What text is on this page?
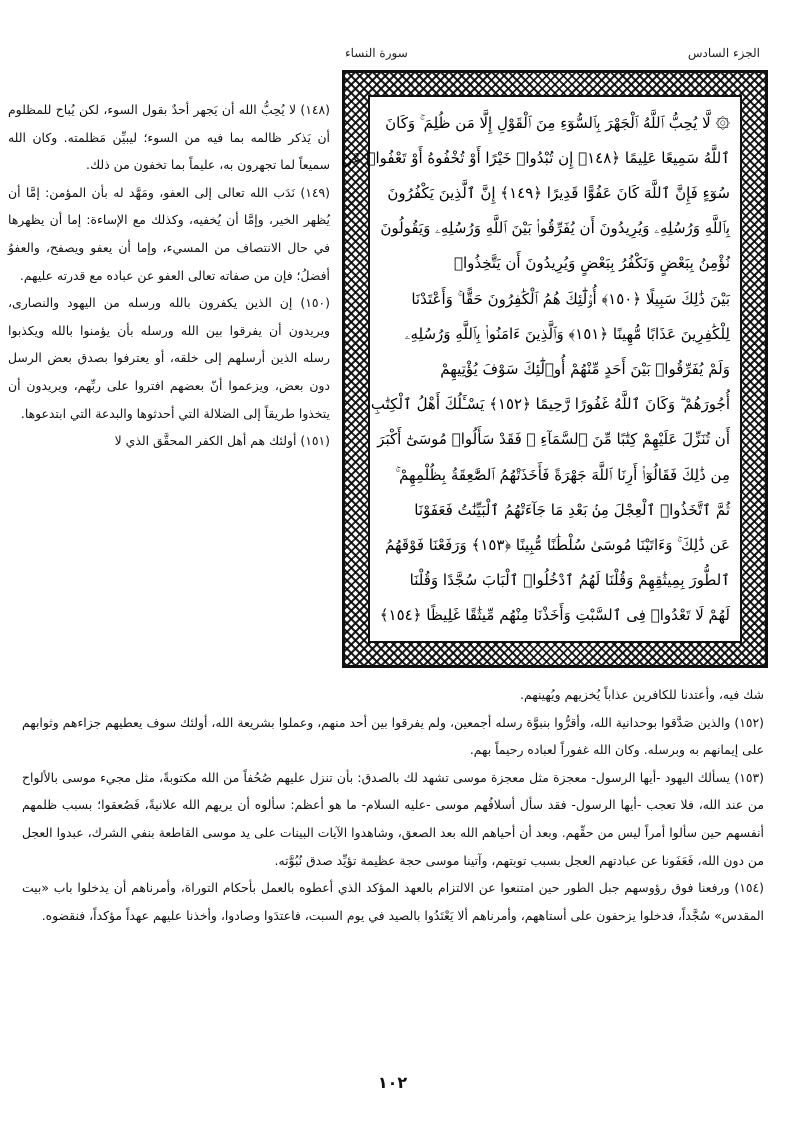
الجزء السادس
سورة النساء
۞ لَّا يُحِبُّ ٱللَّهُ ٱلْجَهْرَ بِٱلسُّوٓءِ مِنَ ٱلْقَوْلِ إِلَّا مَن ظُلِمَ ۚ وَكَانَ
ٱللَّهُ سَمِيعًا عَلِيمًا ﴿١٤٨﴾ إِن تُبْدُوا۟ خَيْرًا أَوْ تُخْفُوهُ أَوْ تَعْفُوا۟ عَن
سُوٓءٍ فَإِنَّ ٱللَّهَ كَانَ عَفُوًّا قَدِيرًا ﴿١٤٩﴾ إِنَّ ٱلَّذِينَ يَكْفُرُونَ
بِٱللَّهِ وَرُسُلِهِۦ وَيُرِيدُونَ أَن يُفَرِّقُوا۟ بَيْنَ ٱللَّهِ وَرُسُلِهِۦ وَيَقُولُونَ
نُؤْمِنُ بِبَعْضٍ وَنَكْفُرُ بِبَعْضٍ وَيُرِيدُونَ أَن يَتَّخِذُوا۟
بَيْنَ ذَٰلِكَ سَبِيلًا ﴿١٥٠﴾ أُو۟لَٰٓئِكَ هُمُ ٱلْكَٰفِرُونَ حَقًّا ۚ وَأَعْتَدْنَا
لِلْكَٰفِرِينَ عَذَابًا مُّهِينًا ﴿١٥١﴾ وَٱلَّذِينَ ءَامَنُوا۟ بِٱللَّهِ وَرُسُلِهِۦ
وَلَمْ يُفَرِّقُوا۟ بَيْنَ أَحَدٍ مِّنْهُمْ أُو۟لَٰٓئِكَ سَوْفَ يُؤْتِيهِمْ
أُجُورَهُمْ ۗ وَكَانَ ٱللَّهُ غَفُورًا رَّحِيمًا ﴿١٥٢﴾ يَسْـَٔلُكَ أَهْلُ ٱلْكِتَٰبِ
أَن تُنَزِّلَ عَلَيْهِمْ كِتَٰبًا مِّنَ ٱلسَّمَآءِ ۚ فَقَدْ سَأَلُوا۟ مُوسَىٰٓ أَكْبَرَ
مِن ذَٰلِكَ فَقَالُوٓا۟ أَرِنَا ٱللَّهَ جَهْرَةً فَأَخَذَتْهُمُ ٱلصَّٰعِقَةُ بِظُلْمِهِمْ ۚ
ثُمَّ ٱتَّخَذُوا۟ ٱلْعِجْلَ مِنۢ بَعْدِ مَا جَآءَتْهُمُ ٱلْبَيِّنَٰتُ فَعَفَوْنَا
عَن ذَٰلِكَ ۚ وَءَاتَيْنَا مُوسَىٰ سُلْطَٰنًا مُّبِينًا ﴿١٥٣﴾ وَرَفَعْنَا فَوْقَهُمُ
ٱلطُّورَ بِمِيثَٰقِهِمْ وَقُلْنَا لَهُمُ ٱدْخُلُوا۟ ٱلْبَابَ سُجَّدًا وَقُلْنَا
لَهُمْ لَا تَعْدُوا۟ فِى ٱلسَّبْتِ وَأَخَذْنَا مِنْهُم مِّيثَٰقًا غَلِيظًا ﴿١٥٤﴾

(١٤٨) لا يُحِبُّ الله أن يَجهر أحدٌ بقول السوء، لكن يُباح للمظلوم أن يَذكر ظالمه بما فيه من السوء؛ ليبيِّن مَظلمته. وكان الله سميعاً لما تجهرون به، عليماً بما تخفون من ذلك.

(١٤٩) نَدَب الله تعالى إلى العفو، ومَهَّد له بأن المؤمن: إمَّا أن يُظهر الخير، وإمَّا أن يُخفيه، وكذلك مع الإساءة: إما أن يظهرها في حال الانتصاف من المسيء، وإما أن يعفو ويصفح، والعفوُ أفضلُ؛ فإن من صفاته تعالى العفو عن عباده مع قدرته عليهم.

(١٥٠) إن الذين يكفرون بالله ورسله من اليهود والنصارى، ويريدون أن يفرقوا بين الله ورسله بأن يؤمنوا بالله ويكذبوا رسله الذين أرسلهم إلى خلقه، أو يعترفوا بصدق بعض الرسل دون بعض، ويزعموا أنّ بعضهم افتروا على ربِّهم، ويريدون أن يتخذوا طريقاً إلى الضلالة التي أحدثوها والبدعة التي ابتدعوها.

(١٥١) أولئك هم أهل الكفر المحقَّق الذي لا

شك فيه، وأعتدنا للكافرين عذاباً يُخزيهم ويُهينهم.

(١٥٢) والذين صَدَّقوا بوحدانية الله، وأقرُّوا بنبوَّة رسله أجمعين، ولم يفرقوا بين أحد منهم، وعملوا بشريعة الله، أولئك سوف يعطيهم جزاءهم وثوابهم على إيمانهم به وبرسله. وكان الله غفوراً لعباده رحيماً بهم.

(١٥٣) يسألك اليهود -أيها الرسول- معجزة مثل معجزة موسى تشهد لك بالصدق: بأن تنزل عليهم صُحُفاً من الله مكتوبةً، مثل مجيء موسى بالألواح من عند الله، فلا تعجب -أيها الرسول- فقد سأل أسلافُهم موسى -عليه السلام- ما هو أعظم: سألوه أن يريهم الله علانيةً، فَصُعقوا؛ بسبب ظلمهم أنفسهم حين سألوا أمراً ليس من حقِّهم. وبعد أن أحياهم الله بعد الصعق، وشاهدوا الآيات البينات على يد موسى القاطعة بنفي الشرك، عبدوا العجل من دون الله، فَعَفَونا عن عبادتهم العجل بسبب توبتهم، وآتينا موسى حجة عظيمة تؤيِّد صدق نُبُوَّته.

(١٥٤) ورفعنا فوق رؤوسهم جبل الطور حين امتنعوا عن الالتزام بالعهد المؤكد الذي أعطوه بالعمل بأحكام التوراة، وأمرناهم أن يدخلوا باب «بيت المقدس» سُجَّداً، فدخلوا يزحفون على أستاههم، وأمرناهم ألا يَعْتَدُوا بالصيد في يوم السبت، فاعتدَوا وصادوا، وأخذنا عليهم عهداً مؤكداً، فنقضوه.

١٠٢
